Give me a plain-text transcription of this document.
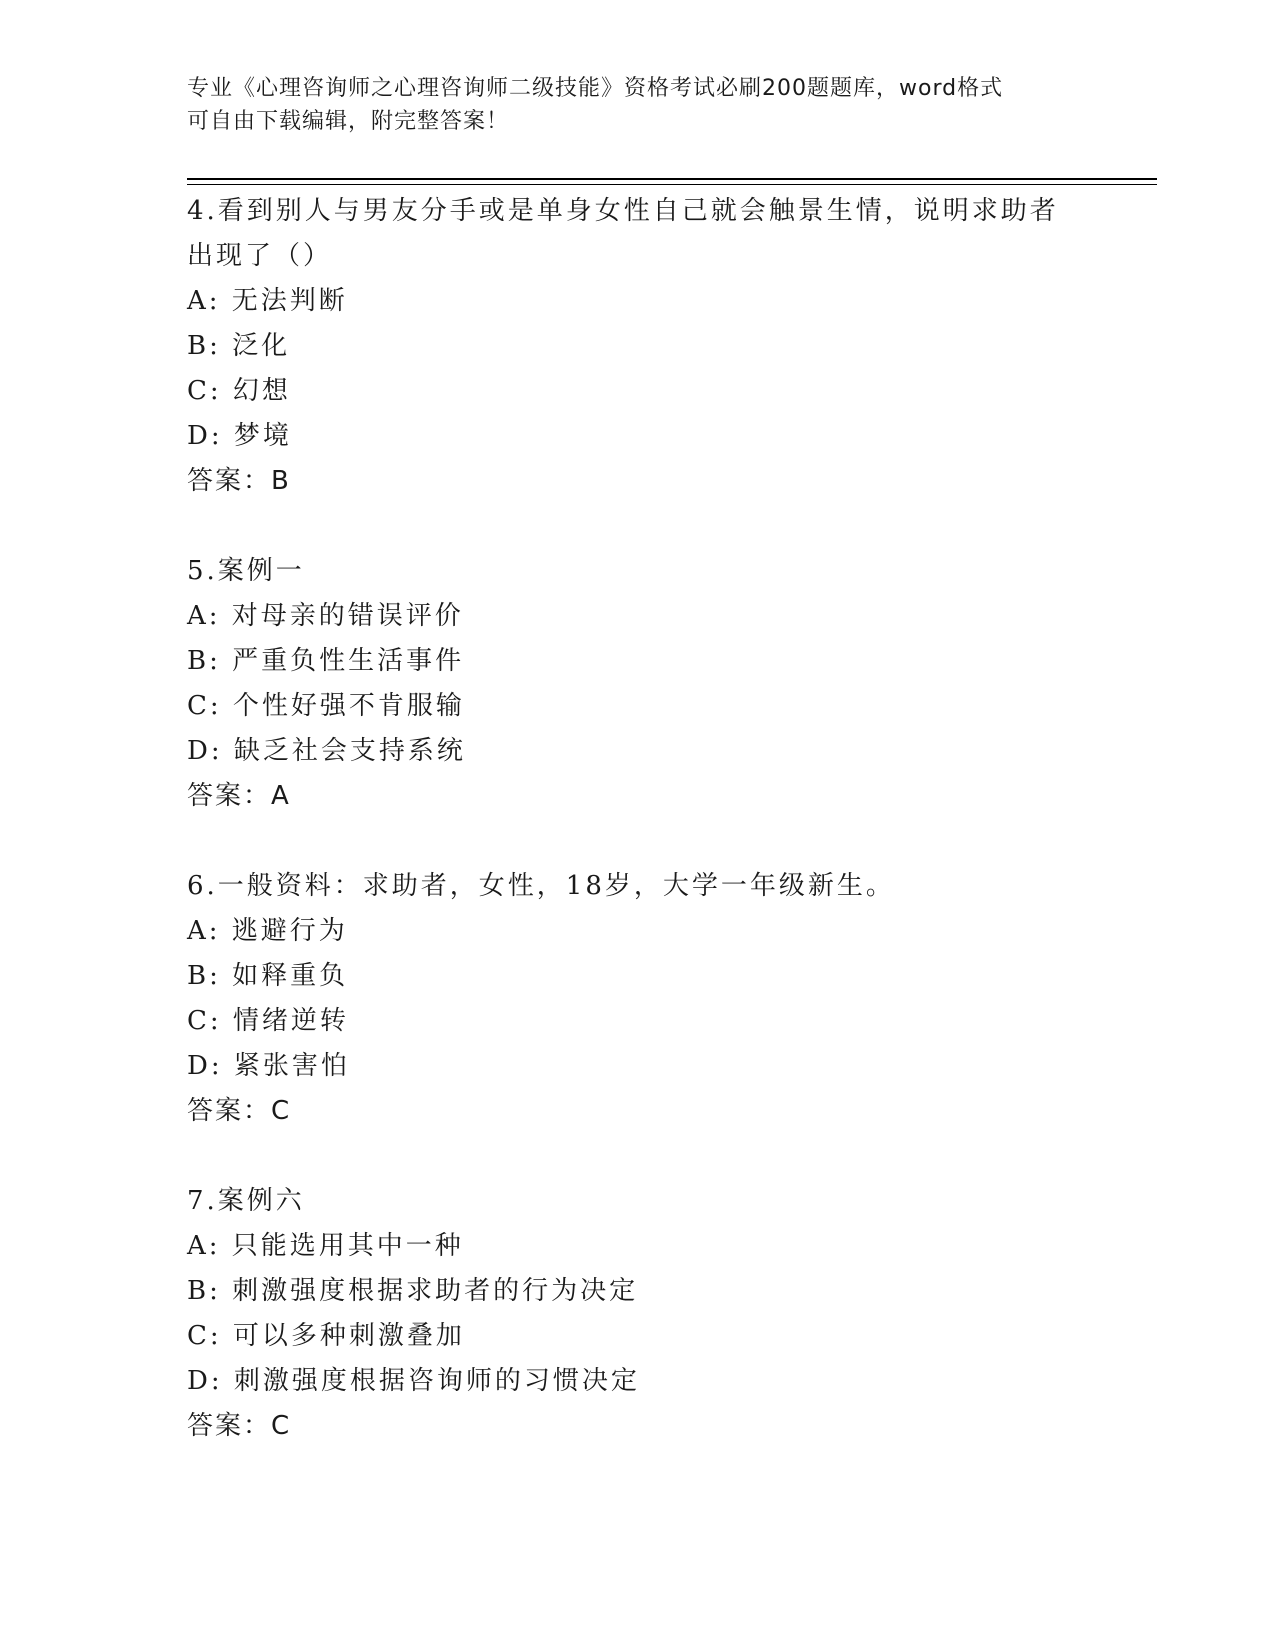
专业《心理咨询师之心理咨询师二级技能》资格考试必刷200题题库，word格式
可自由下载编辑，附完整答案！
4.看到别人与男友分手或是单身女性自己就会触景生情，说明求助者
出现了（）
A: 无法判断
B: 泛化
C: 幻想
D: 梦境
答案：B
5.案例一
A: 对母亲的错误评价
B: 严重负性生活事件
C: 个性好强不肯服输
D: 缺乏社会支持系统
答案：A
6.一般资料：求助者，女性，18岁，大学一年级新生。
A: 逃避行为
B: 如释重负
C: 情绪逆转
D: 紧张害怕
答案：C
7.案例六
A: 只能选用其中一种
B: 刺激强度根据求助者的行为决定
C: 可以多种刺激叠加
D: 刺激强度根据咨询师的习惯决定
答案：C
